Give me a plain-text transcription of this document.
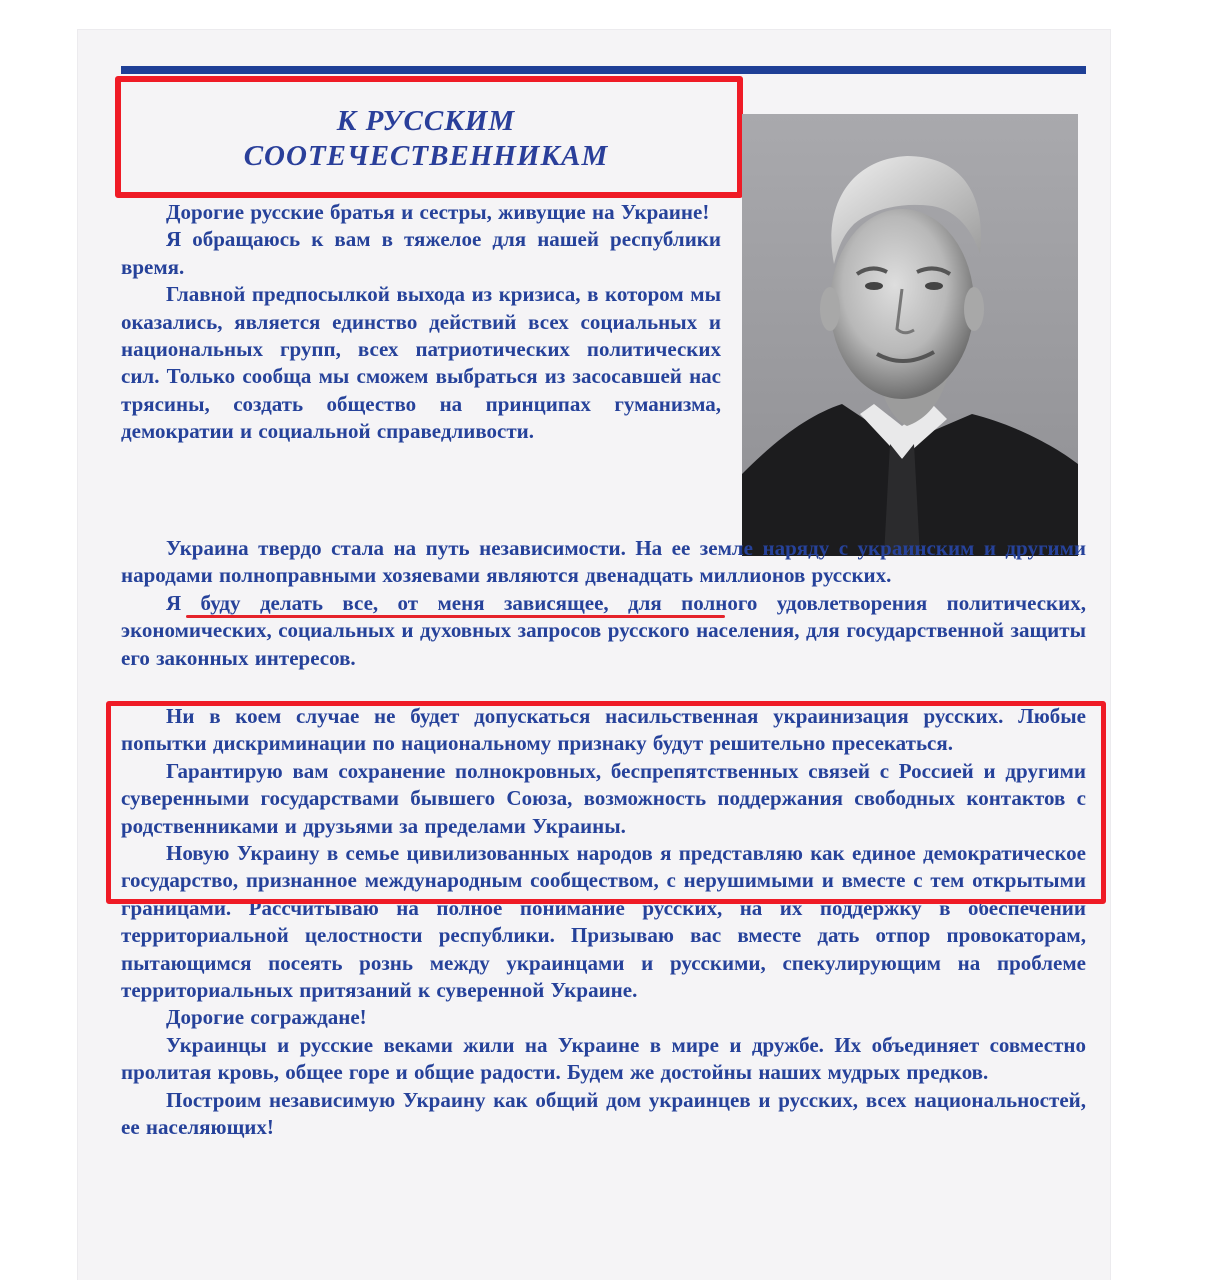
К РУССКИМ
СООТЕЧЕСТВЕННИКАМ

Дорогие русские братья и сестры, живущие на Украине!

Я обращаюсь к вам в тяжелое для нашей республики время.

Главной предпосылкой выхода из кризиса, в котором мы оказались, является единство действий всех социальных и национальных групп, всех патриотических политических сил. Только сообща мы сможем выбраться из засосавшей нас трясины, создать общество на принципах гуманизма, демократии и социальной справедливости.

Украина твердо стала на путь независимости. На ее земле наряду с украинским и другими народами полноправными хозяевами являются двенадцать миллионов русских.

Я буду делать все, от меня зависящее, для полного удовлетворения политических, экономических, социальных и духовных запросов русского населения, для государственной защиты его законных интересов.

Ни в коем случае не будет допускаться насильственная украинизация русских. Любые попытки дискриминации по национальному признаку будут решительно пресекаться.

Гарантирую вам сохранение полнокровных, беспрепятственных связей с Россией и другими суверенными государствами бывшего Союза, возможность поддержания свободных контактов с родственниками и друзьями за пределами Украины.

Новую Украину в семье цивилизованных народов я представляю как единое демократическое государство, признанное международным сообществом, с нерушимыми и вместе с тем открытыми границами. Рассчитываю на полное понимание русских, на их поддержку в обеспечении территориальной целостности республики. Призываю вас вместе дать отпор провокаторам, пытающимся посеять рознь между украинцами и русскими, спекулирующим на проблеме территориальных притязаний к суверенной Украине.

Дорогие сограждане!

Украинцы и русские веками жили на Украине в мире и дружбе. Их объединяет совместно пролитая кровь, общее горе и общие радости. Будем же достойны наших мудрых предков.

Построим независимую Украину как общий дом украинцев и русских, всех национальностей, ее населяющих!
